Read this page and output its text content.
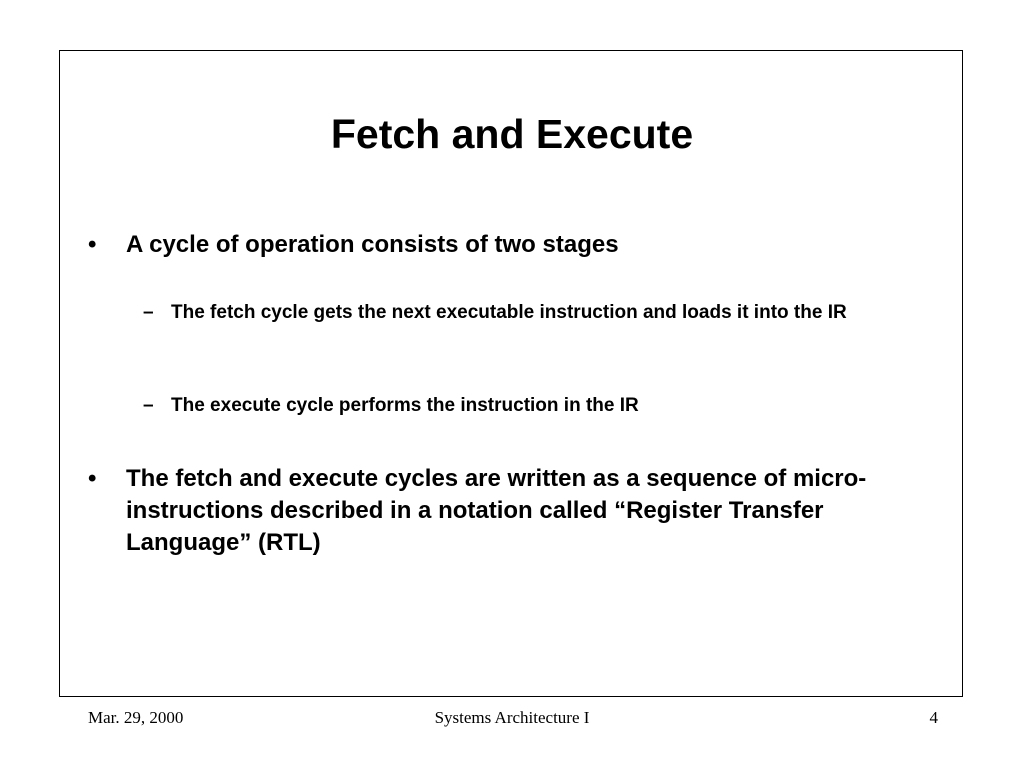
Fetch and Execute
• A cycle of operation consists of two stages
– The fetch cycle gets the next executable instruction and loads it into the IR
– The execute cycle performs the instruction in the IR
• The fetch and execute cycles are written as a sequence of micro-instructions described in a notation called “Register Transfer Language” (RTL)
Mar. 29, 2000	Systems Architecture I	4
